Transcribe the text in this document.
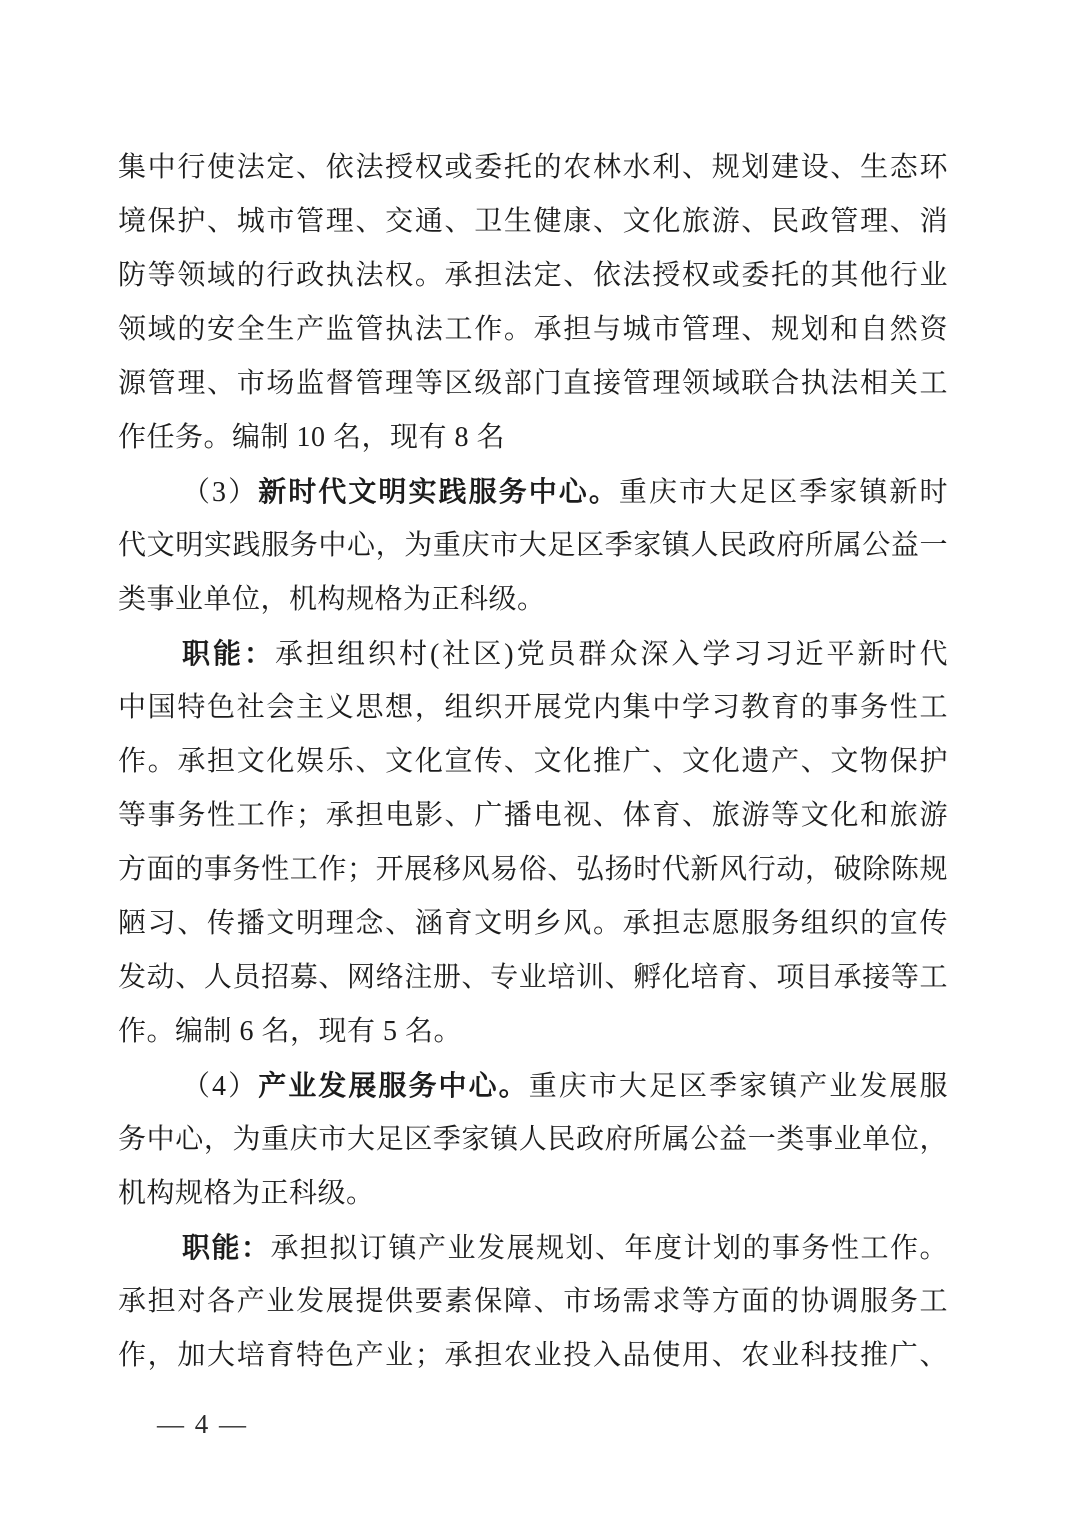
集中行使法定、依法授权或委托的农林水利、规划建设、生态环
境保护、城市管理、交通、卫生健康、文化旅游、民政管理、消
防等领域的行政执法权。承担法定、依法授权或委托的其他行业
领域的安全生产监管执法工作。承担与城市管理、规划和自然资
源管理、市场监督管理等区级部门直接管理领域联合执法相关工
作任务。编制 10 名，现有 8 名
（3）新时代文明实践服务中心。重庆市大足区季家镇新时
代文明实践服务中心，为重庆市大足区季家镇人民政府所属公益一
类事业单位，机构规格为正科级。
职能：承担组织村(社区)党员群众深入学习习近平新时代
中国特色社会主义思想，组织开展党内集中学习教育的事务性工
作。承担文化娱乐、文化宣传、文化推广、文化遗产、文物保护
等事务性工作；承担电影、广播电视、体育、旅游等文化和旅游
方面的事务性工作；开展移风易俗、弘扬时代新风行动，破除陈规
陋习、传播文明理念、涵育文明乡风。承担志愿服务组织的宣传
发动、人员招募、网络注册、专业培训、孵化培育、项目承接等工
作。编制 6 名，现有 5 名。
（4）产业发展服务中心。重庆市大足区季家镇产业发展服
务中心，为重庆市大足区季家镇人民政府所属公益一类事业单位，
机构规格为正科级。
职能：承担拟订镇产业发展规划、年度计划的事务性工作。
承担对各产业发展提供要素保障、市场需求等方面的协调服务工
作，加大培育特色产业；承担农业投入品使用、农业科技推广、
— 4 —
